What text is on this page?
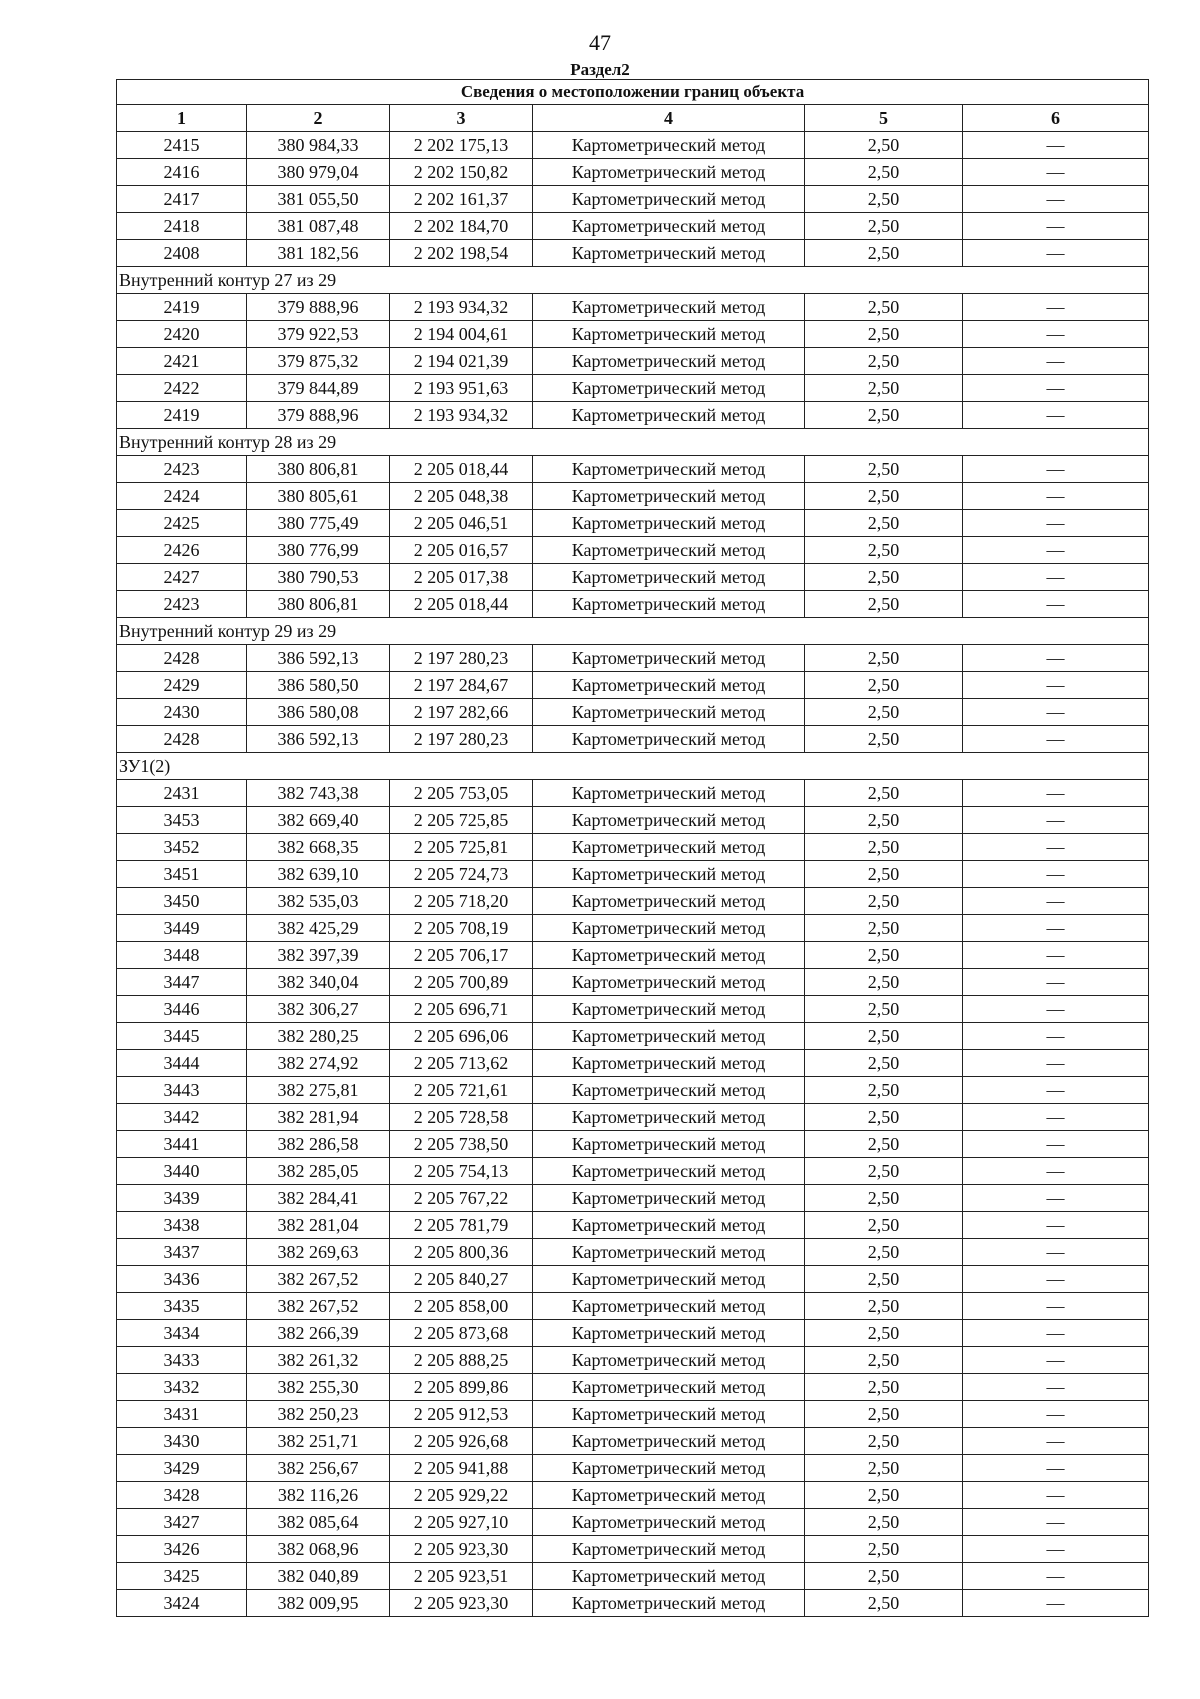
47
Раздел2
Сведения о местоположении границ объекта					
1	2	3	4	5	6
2415	380 984,33	2 202 175,13	Картометрический метод	2,50	—
2416	380 979,04	2 202 150,82	Картометрический метод	2,50	—
2417	381 055,50	2 202 161,37	Картометрический метод	2,50	—
2418	381 087,48	2 202 184,70	Картометрический метод	2,50	—
2408	381 182,56	2 202 198,54	Картометрический метод	2,50	—
Внутренний контур 27 из 29					
2419	379 888,96	2 193 934,32	Картометрический метод	2,50	—
2420	379 922,53	2 194 004,61	Картометрический метод	2,50	—
2421	379 875,32	2 194 021,39	Картометрический метод	2,50	—
2422	379 844,89	2 193 951,63	Картометрический метод	2,50	—
2419	379 888,96	2 193 934,32	Картометрический метод	2,50	—
Внутренний контур 28 из 29					
2423	380 806,81	2 205 018,44	Картометрический метод	2,50	—
2424	380 805,61	2 205 048,38	Картометрический метод	2,50	—
2425	380 775,49	2 205 046,51	Картометрический метод	2,50	—
2426	380 776,99	2 205 016,57	Картометрический метод	2,50	—
2427	380 790,53	2 205 017,38	Картометрический метод	2,50	—
2423	380 806,81	2 205 018,44	Картометрический метод	2,50	—
Внутренний контур 29 из 29					
2428	386 592,13	2 197 280,23	Картометрический метод	2,50	—
2429	386 580,50	2 197 284,67	Картометрический метод	2,50	—
2430	386 580,08	2 197 282,66	Картометрический метод	2,50	—
2428	386 592,13	2 197 280,23	Картометрический метод	2,50	—
ЗУ1(2)					
2431	382 743,38	2 205 753,05	Картометрический метод	2,50	—
3453	382 669,40	2 205 725,85	Картометрический метод	2,50	—
3452	382 668,35	2 205 725,81	Картометрический метод	2,50	—
3451	382 639,10	2 205 724,73	Картометрический метод	2,50	—
3450	382 535,03	2 205 718,20	Картометрический метод	2,50	—
3449	382 425,29	2 205 708,19	Картометрический метод	2,50	—
3448	382 397,39	2 205 706,17	Картометрический метод	2,50	—
3447	382 340,04	2 205 700,89	Картометрический метод	2,50	—
3446	382 306,27	2 205 696,71	Картометрический метод	2,50	—
3445	382 280,25	2 205 696,06	Картометрический метод	2,50	—
3444	382 274,92	2 205 713,62	Картометрический метод	2,50	—
3443	382 275,81	2 205 721,61	Картометрический метод	2,50	—
3442	382 281,94	2 205 728,58	Картометрический метод	2,50	—
3441	382 286,58	2 205 738,50	Картометрический метод	2,50	—
3440	382 285,05	2 205 754,13	Картометрический метод	2,50	—
3439	382 284,41	2 205 767,22	Картометрический метод	2,50	—
3438	382 281,04	2 205 781,79	Картометрический метод	2,50	—
3437	382 269,63	2 205 800,36	Картометрический метод	2,50	—
3436	382 267,52	2 205 840,27	Картометрический метод	2,50	—
3435	382 267,52	2 205 858,00	Картометрический метод	2,50	—
3434	382 266,39	2 205 873,68	Картометрический метод	2,50	—
3433	382 261,32	2 205 888,25	Картометрический метод	2,50	—
3432	382 255,30	2 205 899,86	Картометрический метод	2,50	—
3431	382 250,23	2 205 912,53	Картометрический метод	2,50	—
3430	382 251,71	2 205 926,68	Картометрический метод	2,50	—
3429	382 256,67	2 205 941,88	Картометрический метод	2,50	—
3428	382 116,26	2 205 929,22	Картометрический метод	2,50	—
3427	382 085,64	2 205 927,10	Картометрический метод	2,50	—
3426	382 068,96	2 205 923,30	Картометрический метод	2,50	—
3425	382 040,89	2 205 923,51	Картометрический метод	2,50	—
3424	382 009,95	2 205 923,30	Картометрический метод	2,50	—
